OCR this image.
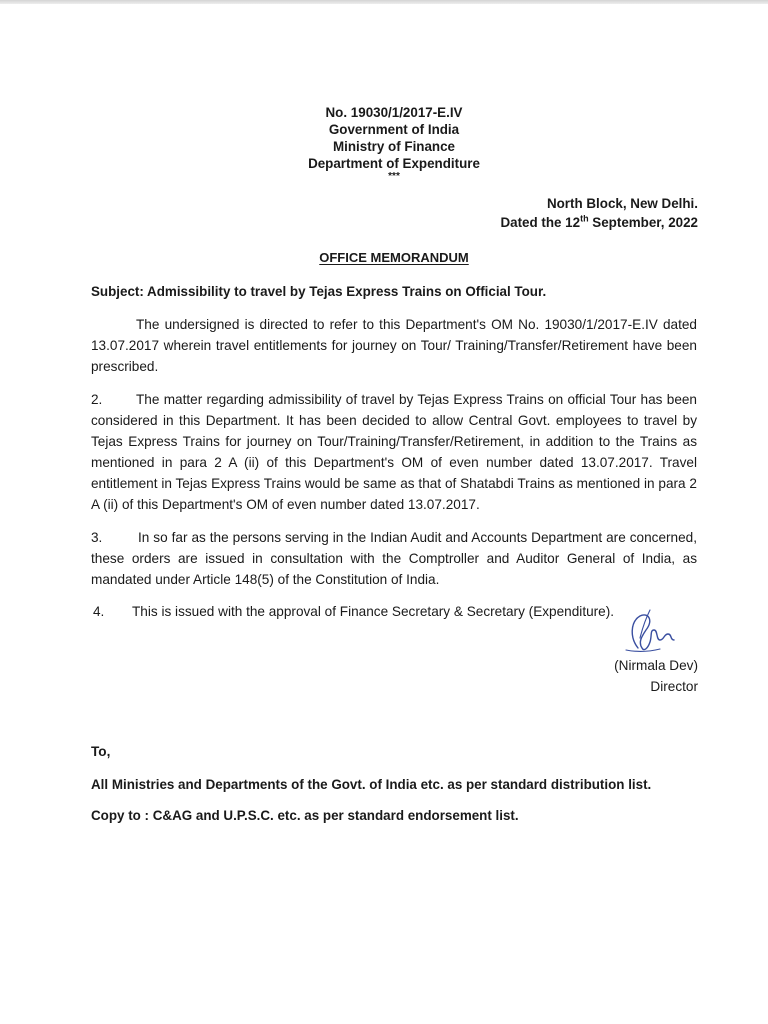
No. 19030/1/2017-E.IV
Government of India
Ministry of Finance
Department of Expenditure
***
North Block, New Delhi.
Dated the 12th September, 2022
OFFICE MEMORANDUM
Subject: Admissibility to travel by Tejas Express Trains on Official Tour.
The undersigned is directed to refer to this Department's OM No. 19030/1/2017-E.IV dated 13.07.2017 wherein travel entitlements for journey on Tour/ Training/Transfer/Retirement have been prescribed.
2. The matter regarding admissibility of travel by Tejas Express Trains on official Tour has been considered in this Department. It has been decided to allow Central Govt. employees to travel by Tejas Express Trains for journey on Tour/Training/Transfer/Retirement, in addition to the Trains as mentioned in para 2 A (ii) of this Department's OM of even number dated 13.07.2017. Travel entitlement in Tejas Express Trains would be same as that of Shatabdi Trains as mentioned in para 2 A (ii) of this Department's OM of even number dated 13.07.2017.
3.	In so far as the persons serving in the Indian Audit and Accounts Department are concerned, these orders are issued in consultation with the Comptroller and Auditor General of India, as mandated under Article 148(5) of the Constitution of India.
4. This is issued with the approval of Finance Secretary & Secretary (Expenditure).
(Nirmala Dev)
Director
To,
All Ministries and Departments of the Govt. of India etc. as per standard distribution list.
Copy to : C&AG and U.P.S.C. etc. as per standard endorsement list.
